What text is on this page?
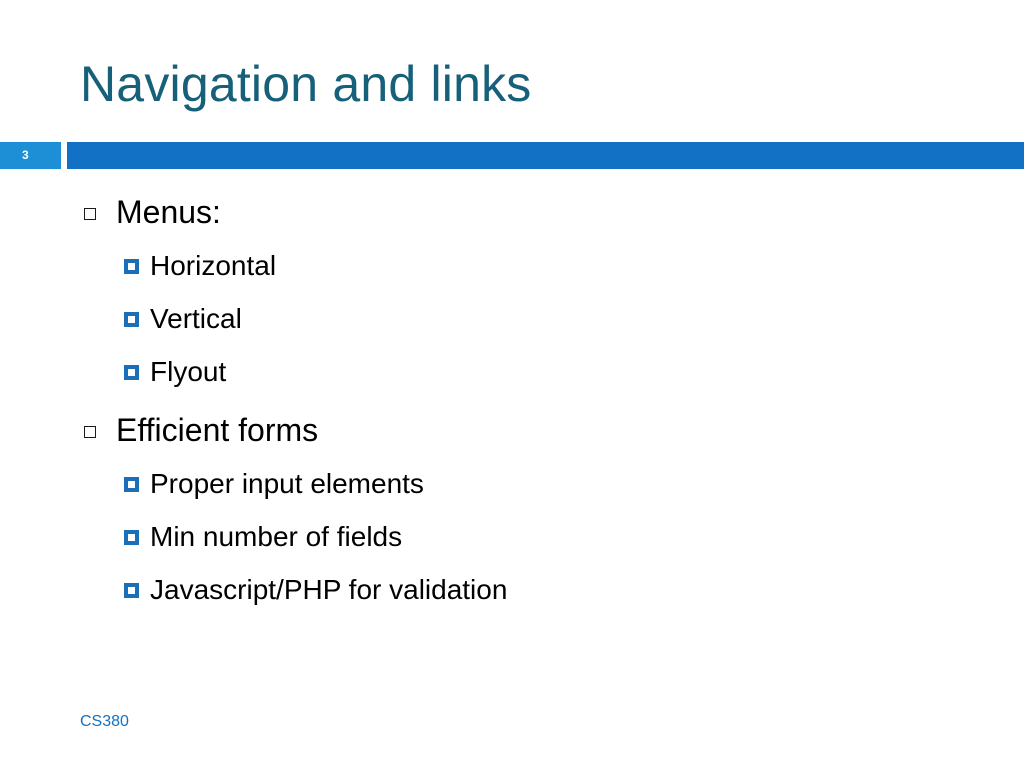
Navigation and links
3
Menus:
Horizontal
Vertical
Flyout
Efficient forms
Proper input elements
Min number of fields
Javascript/PHP for validation
CS380
